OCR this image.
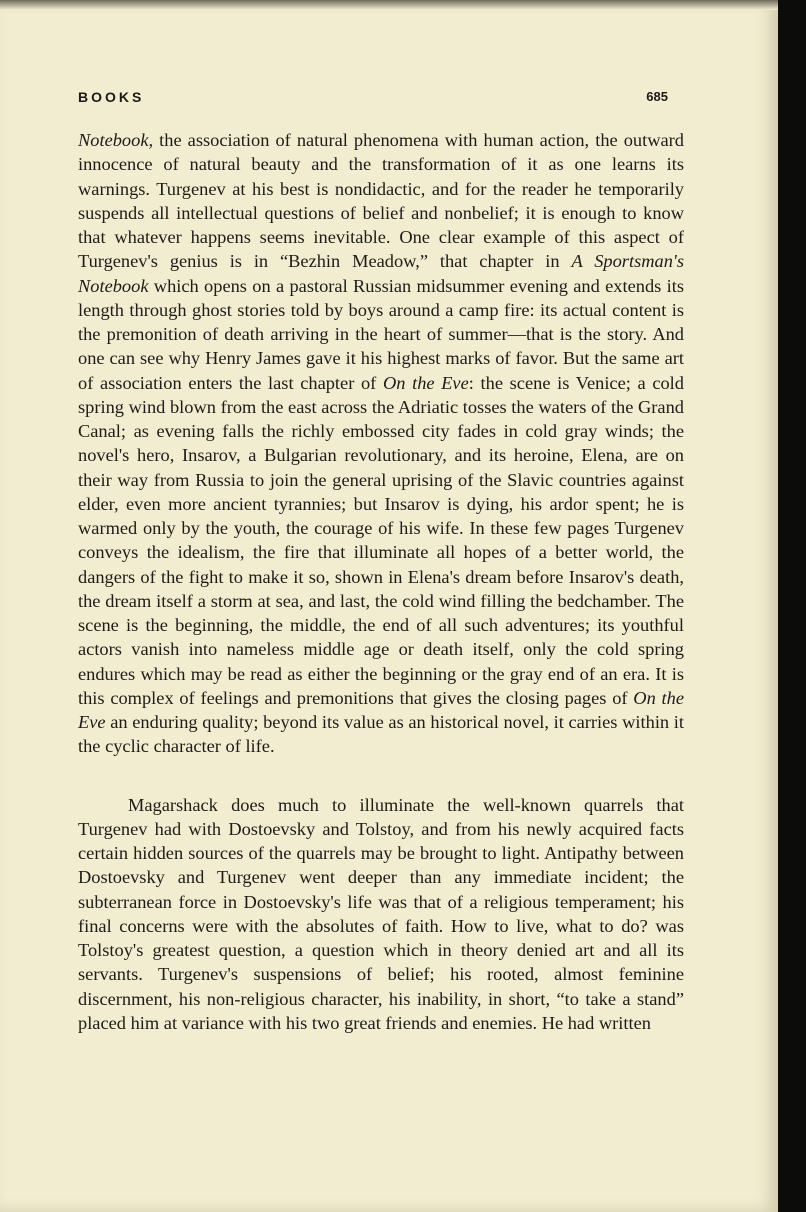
BOOKS	685

Notebook, the association of natural phenomena with human action, the outward innocence of natural beauty and the transformation of it as one learns its warnings. Turgenev at his best is nondidactic, and for the reader he temporarily suspends all intellectual questions of belief and nonbelief; it is enough to know that whatever happens seems inevitable. One clear example of this aspect of Turgenev's genius is in “Bezhin Meadow,” that chapter in A Sportsman's Notebook which opens on a pastoral Russian midsummer evening and extends its length through ghost stories told by boys around a camp fire: its actual content is the premonition of death arriving in the heart of summer—that is the story. And one can see why Henry James gave it his highest marks of favor. But the same art of association enters the last chapter of On the Eve: the scene is Venice; a cold spring wind blown from the east across the Adriatic tosses the waters of the Grand Canal; as evening falls the richly embossed city fades in cold gray winds; the novel's hero, Insarov, a Bulgarian revolutionary, and its heroine, Elena, are on their way from Russia to join the general uprising of the Slavic countries against elder, even more ancient tyrannies; but Insarov is dying, his ardor spent; he is warmed only by the youth, the courage of his wife. In these few pages Turgenev conveys the idealism, the fire that illuminate all hopes of a better world, the dangers of the fight to make it so, shown in Elena's dream before Insarov's death, the dream itself a storm at sea, and last, the cold wind filling the bedchamber. The scene is the beginning, the middle, the end of all such adventures; its youthful actors vanish into nameless middle age or death itself, only the cold spring endures which may be read as either the beginning or the gray end of an era. It is this complex of feelings and premonitions that gives the closing pages of On the Eve an enduring quality; beyond its value as an historical novel, it carries within it the cyclic character of life.

Magarshack does much to illuminate the well-known quarrels that Turgenev had with Dostoevsky and Tolstoy, and from his newly acquired facts certain hidden sources of the quarrels may be brought to light. Antipathy between Dostoevsky and Turgenev went deeper than any immediate incident; the subterranean force in Dostoevsky's life was that of a religious temperament; his final concerns were with the absolutes of faith. How to live, what to do? was Tolstoy's greatest question, a question which in theory denied art and all its servants. Turgenev's suspensions of belief; his rooted, almost feminine discernment, his non-religious character, his inability, in short, “to take a stand” placed him at variance with his two great friends and enemies. He had written
